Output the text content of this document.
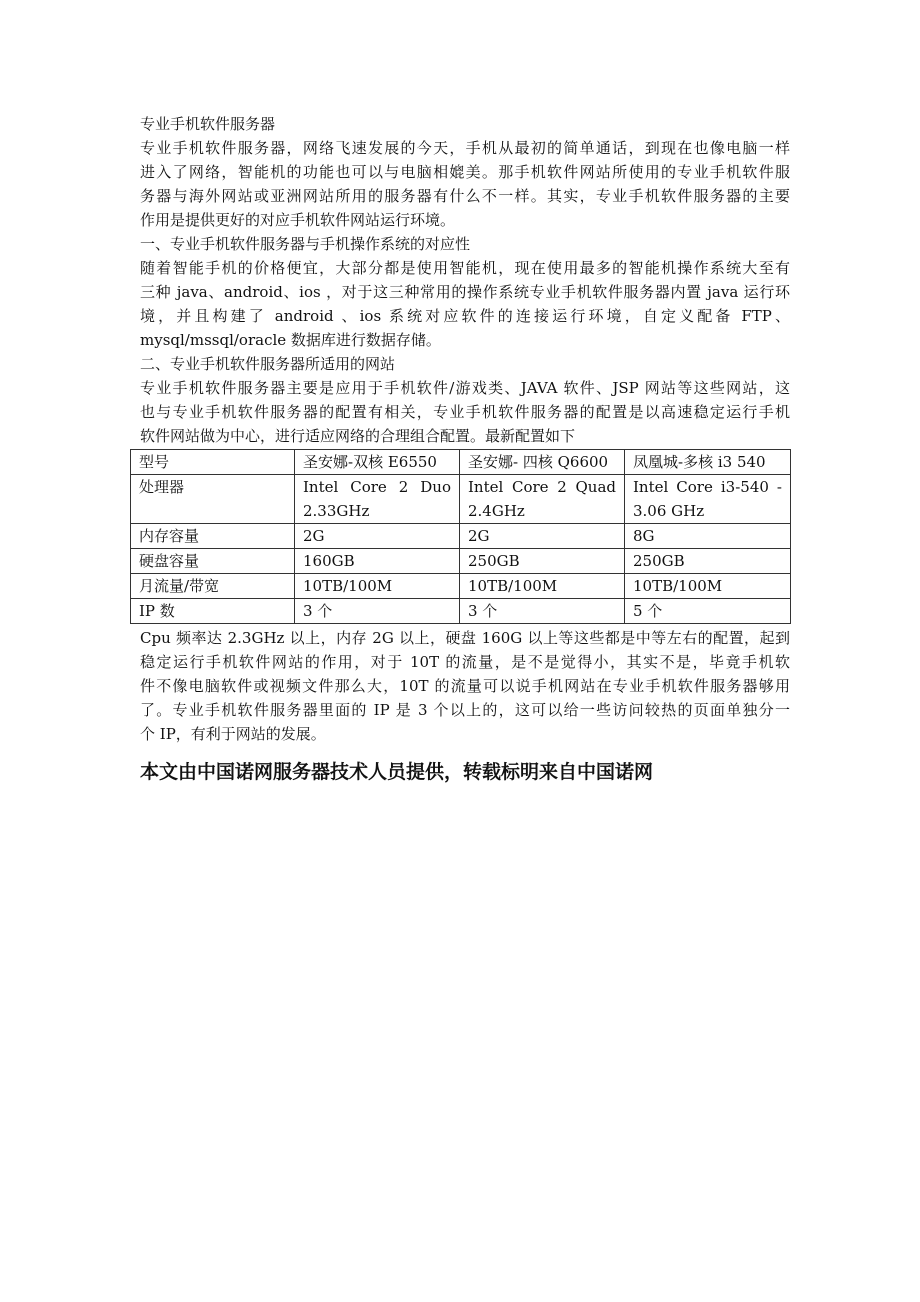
专业手机软件服务器

专业手机软件服务器，网络飞速发展的今天，手机从最初的简单通话，到现在也像电脑一样

进入了网络，智能机的功能也可以与电脑相媲美。那手机软件网站所使用的专业手机软件服

务器与海外网站或亚洲网站所用的服务器有什么不一样。其实，专业手机软件服务器的主要

作用是提供更好的对应手机软件网站运行环境。

一、专业手机软件服务器与手机操作系统的对应性

随着智能手机的价格便宜，大部分都是使用智能机，现在使用最多的智能机操作系统大至有

三种 java、android、ios ，对于这三种常用的操作系统专业手机软件服务器内置 java 运行环

境，并且构建了 android 、ios 系统对应软件的连接运行环境，自定义配备 FTP、

mysql/mssql/oracle 数据库进行数据存储。

二、专业手机软件服务器所适用的网站

专业手机软件服务器主要是应用于手机软件/游戏类、JAVA 软件、JSP 网站等这些网站，这

也与专业手机软件服务器的配置有相关，专业手机软件服务器的配置是以高速稳定运行手机

软件网站做为中心，进行适应网络的合理组合配置。最新配置如下

型号	圣安娜-双核 E6550	圣安娜- 四核 Q6600	凤凰城-多核 i3 540
处理器	Intel Core 2 Duo 2.33GHz	Intel Core 2 Quad 2.4GHz	Intel Core i3-540 - 3.06 GHz

内存容量	2G	2G	8G
硬盘容量	160GB	250GB	250GB
月流量/带宽	10TB/100M	10TB/100M	10TB/100M
IP 数	3 个	3 个	5 个

Cpu 频率达 2.3GHz 以上，内存 2G 以上，硬盘 160G 以上等这些都是中等左右的配置，起到

稳定运行手机软件网站的作用，对于 10T 的流量，是不是觉得小，其实不是，毕竟手机软

件不像电脑软件或视频文件那么大，10T 的流量可以说手机网站在专业手机软件服务器够用

了。专业手机软件服务器里面的 IP 是 3 个以上的，这可以给一些访问较热的页面单独分一

个 IP，有利于网站的发展。

本文由中国诺网服务器技术人员提供，转载标明来自中国诺网
